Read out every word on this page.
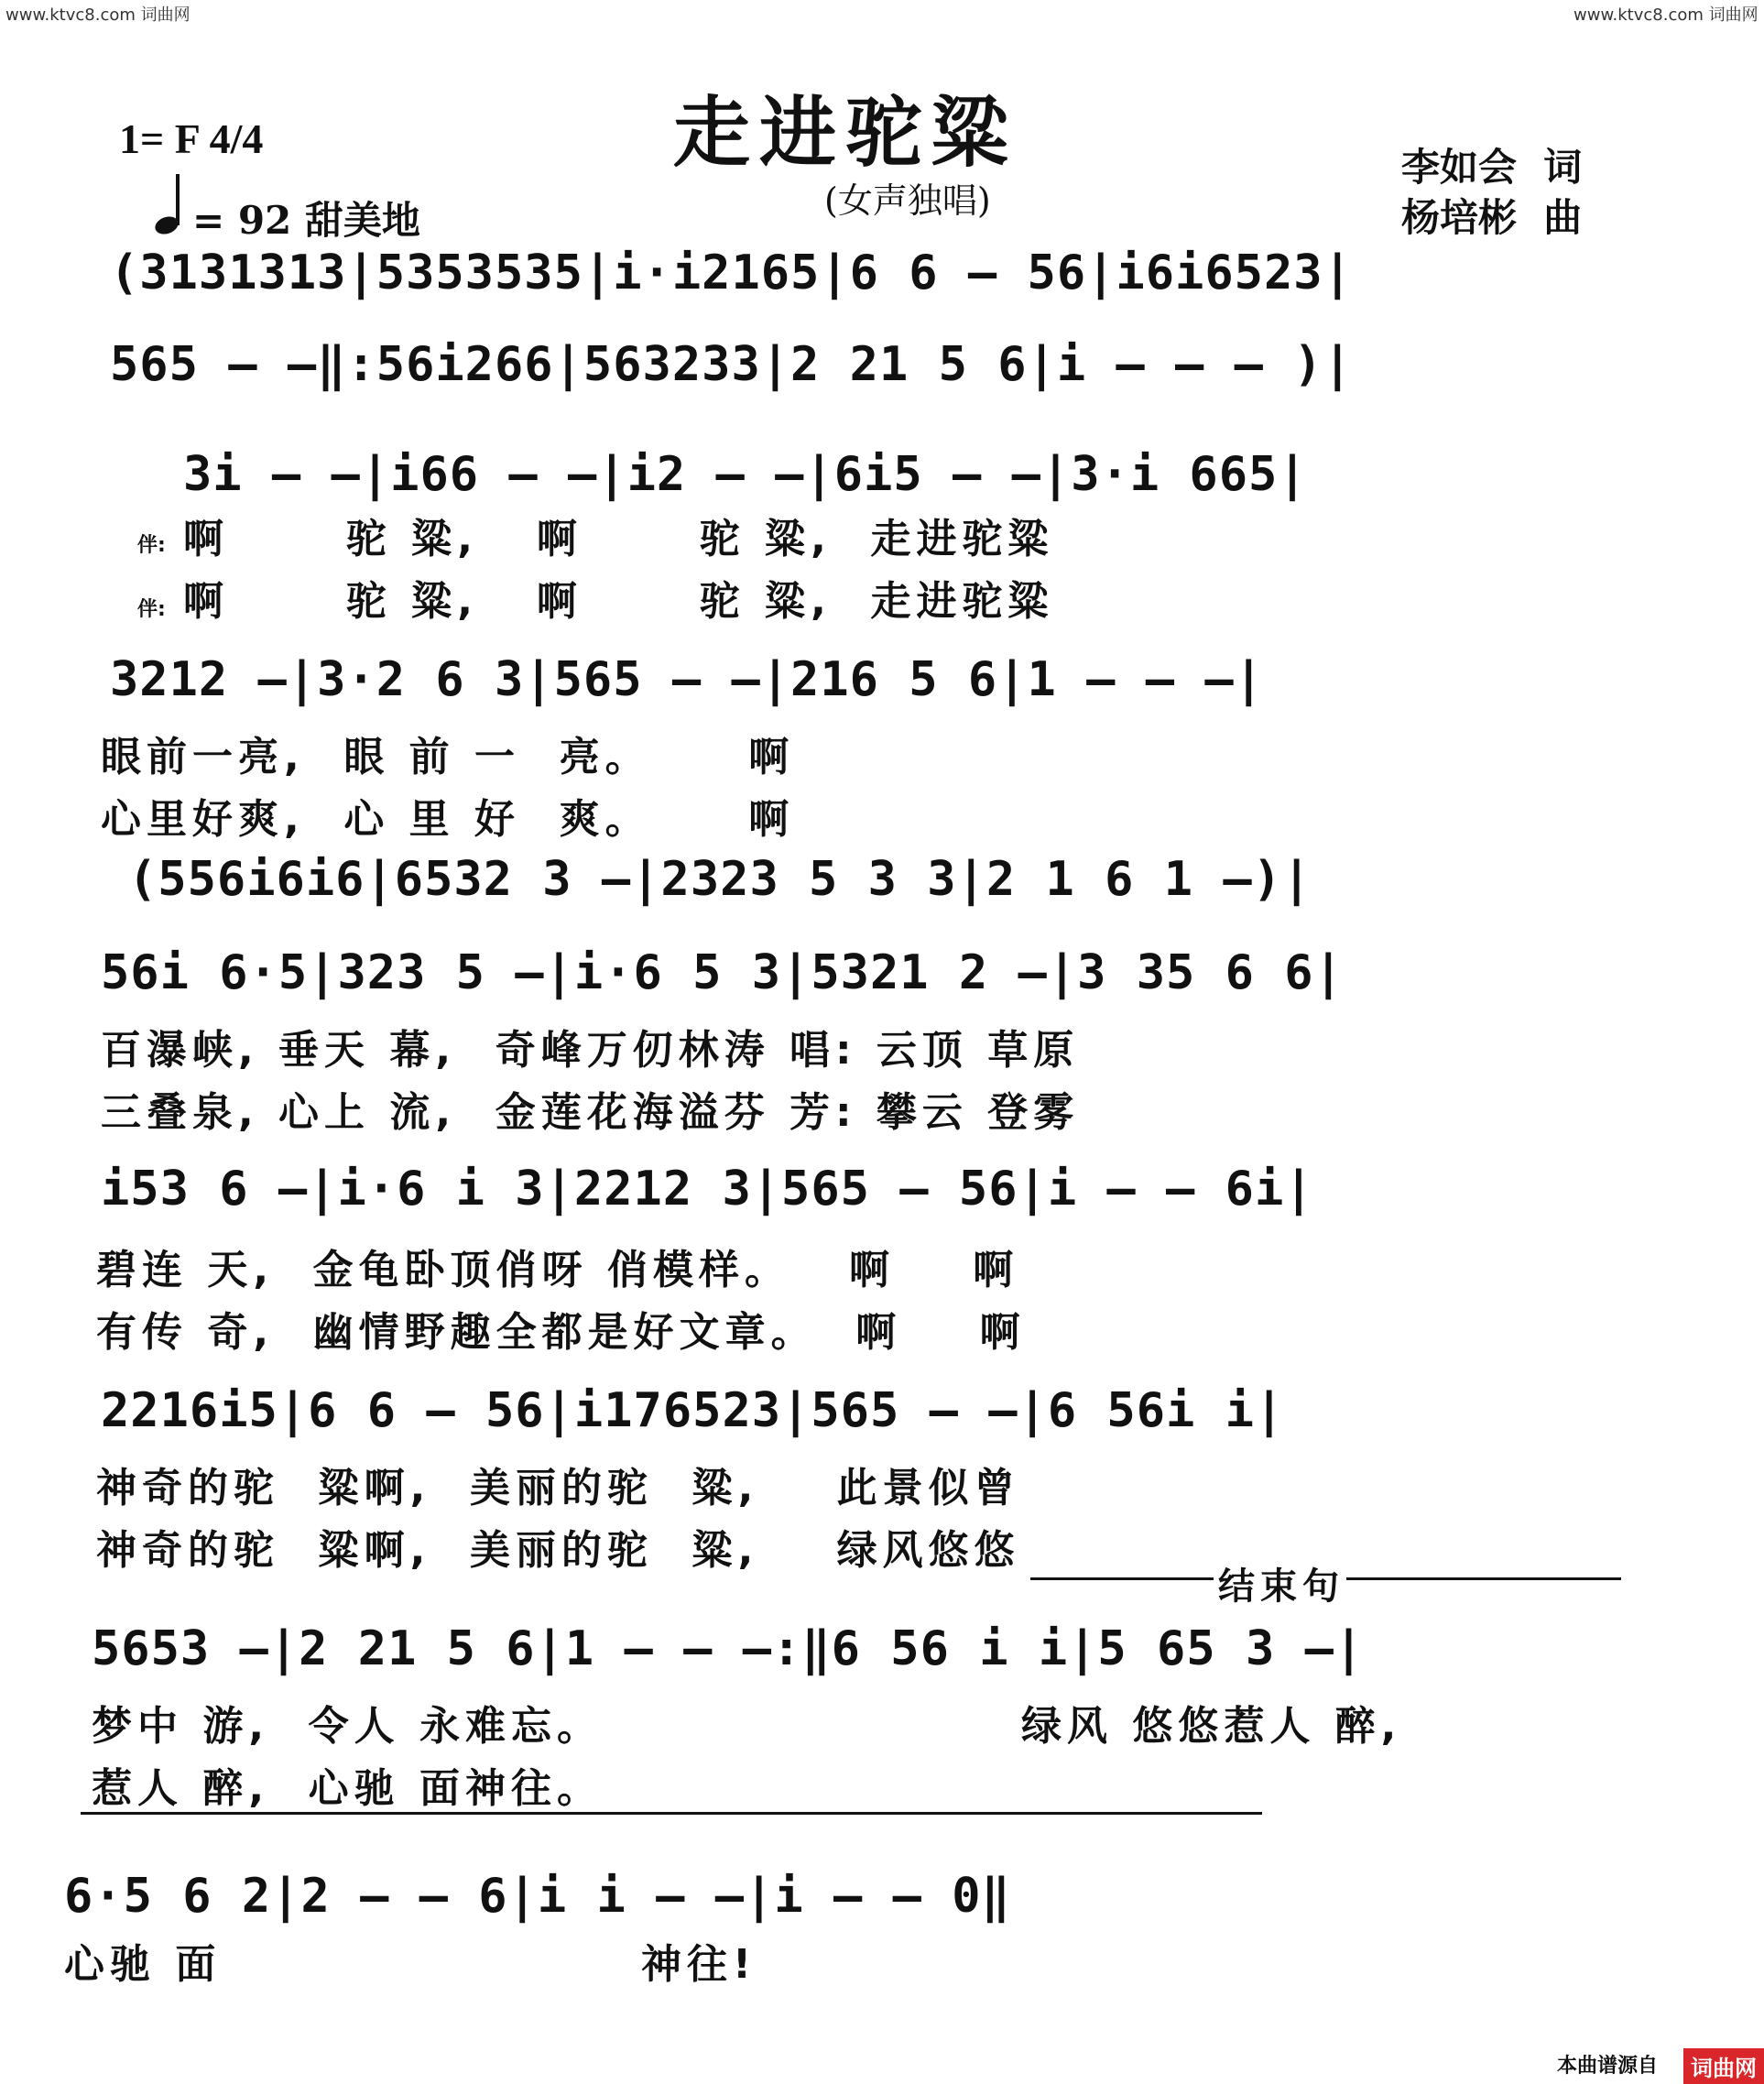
www.ktvc8.com 词曲网	www.ktvc8.com 词曲网
走进驼粱
(女声独唱)
1= F 4/4
= 92 甜美地
李如会  词
杨培彬  曲
(3131313|5353535|i·i2165|6 6 — 56|i6i6523|
565 — —‖:56i266|563233|2 21 5 6|i — — — )|
3i — —|i66 — —|i2 — —|6i5 — —|3·i 665|
伴: 啊      驼 粱,   啊      驼 粱,  走进驼粱
伴: 啊      驼 粱,   啊      驼 粱,  走进驼粱
3212 —|3·2 6 3|565 — —|216 5 6|1 — — —|
眼前一亮,  眼 前 一  亮。     啊
心里好爽,  心 里 好  爽。     啊
(556i6i6|6532 3 —|2323 5 3 3|2 1 6 1 —)|
56i 6·5|323 5 —|i·6 5 3|5321 2 —|3 35 6 6|
百瀑峡, 垂天 幕,  奇峰万仞林涛 唱: 云顶 草原
三叠泉, 心上 流,  金莲花海溢芬 芳: 攀云 登雾
i53 6 —|i·6 i 3|2212 3|565 — 56|i — — 6i|
碧连 天,  金龟卧顶俏呀 俏模样。   啊    啊
有传 奇,  幽情野趣全都是好文章。  啊    啊
2216i5|6 6 — 56|i176523|565 — —|6 56i i|
神奇的驼  粱啊,  美丽的驼  粱,    此景似曾
神奇的驼  粱啊,  美丽的驼  粱,    绿风悠悠
结束句
5653 —|2 21 5 6|1 — — —:‖6 56 i i|5 65 3 —|
梦中 游,  令人 永难忘。	绿风 悠悠惹人 醉,
惹人 醉,  心驰 面神往。
6·5 6 2|2 — — 6|i i — —|i — — 0‖
心驰 面	神往!
本曲谱源自	词曲网
